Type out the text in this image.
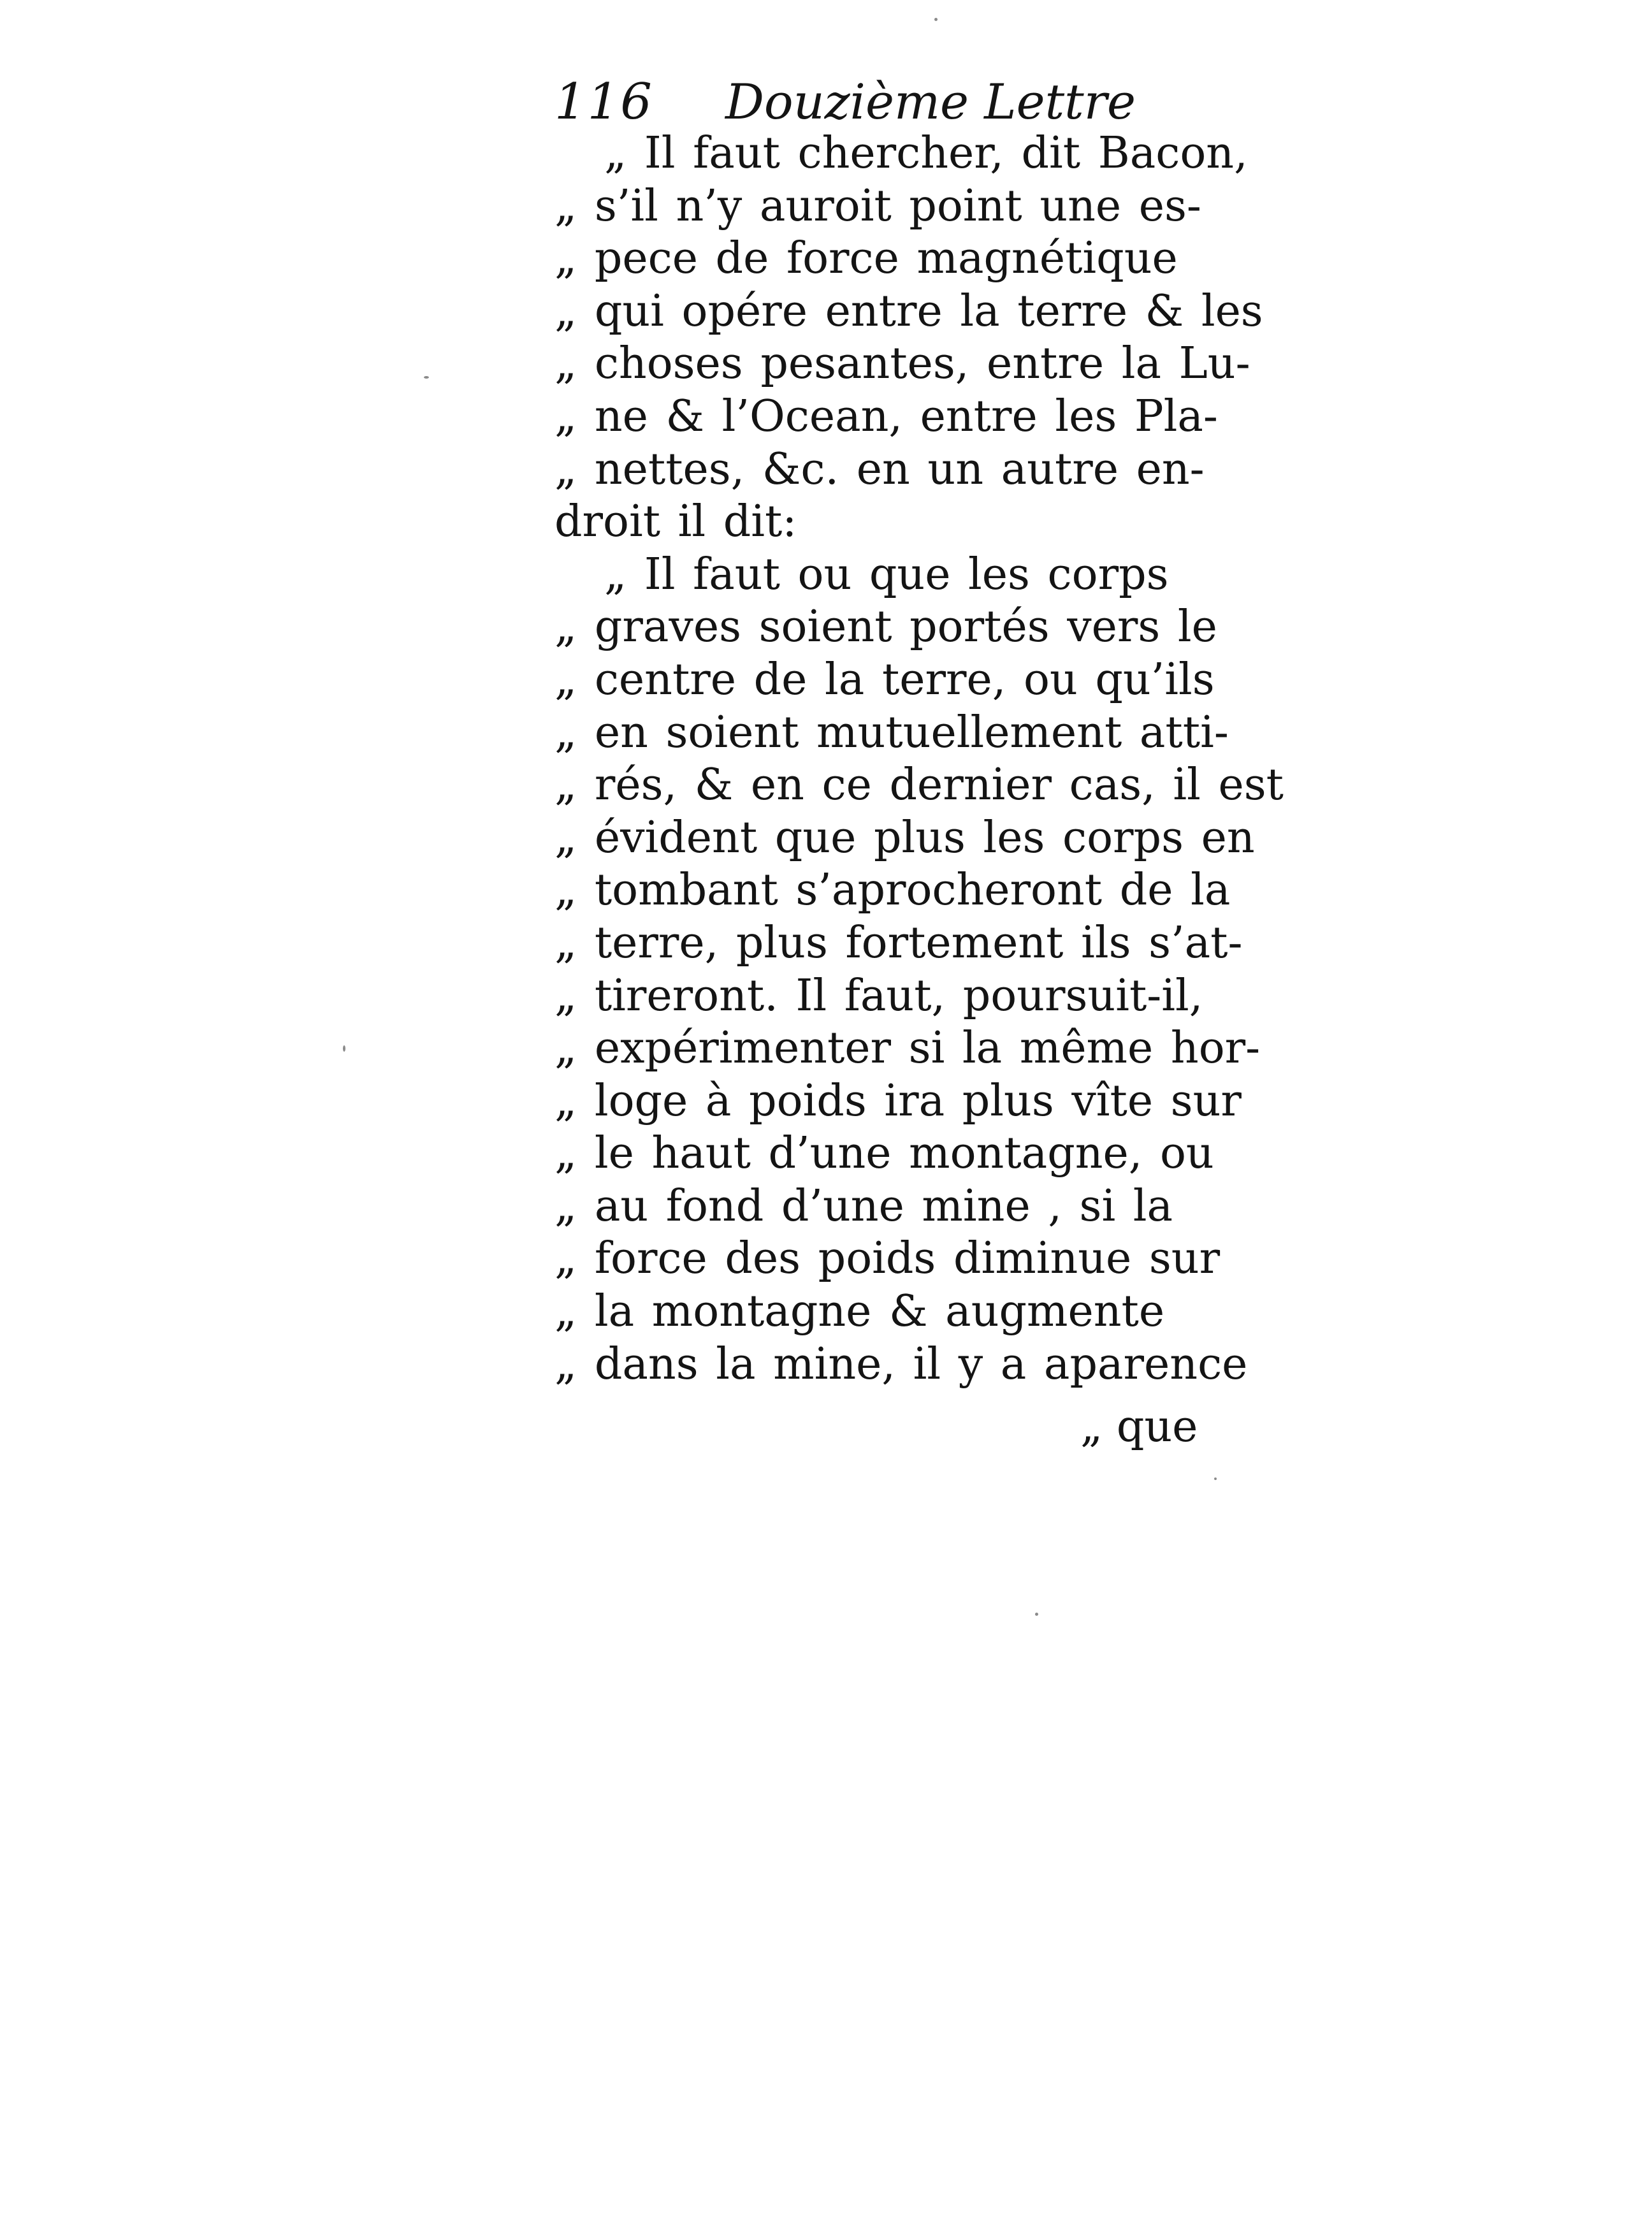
116 Douzième Lettre
„ Il faut chercher, dit Bacon,
„ s’il n’y auroit point une es-
„ pece de force magnétique
„ qui opére entre la terre & les
„ choses pesantes, entre la Lu-
„ ne & l’Ocean, entre les Pla-
„ nettes, &c. en un autre en-
droit il dit:
„ Il faut ou que les corps
„ graves soient portés vers le
„ centre de la terre, ou qu’ils
„ en soient mutuellement atti-
„ rés, & en ce dernier cas, il est
„ évident que plus les corps en
„ tombant s’aprocheront de la
„ terre, plus fortement ils s’at-
„ tireront. Il faut, poursuit-il,
„ expérimenter si la même hor-
„ loge à poids ira plus vîte sur
„ le haut d’une montagne, ou
„ au fond d’une mine , si la
„ force des poids diminue sur
„ la montagne & augmente
„ dans la mine, il y a aparence
„ que
